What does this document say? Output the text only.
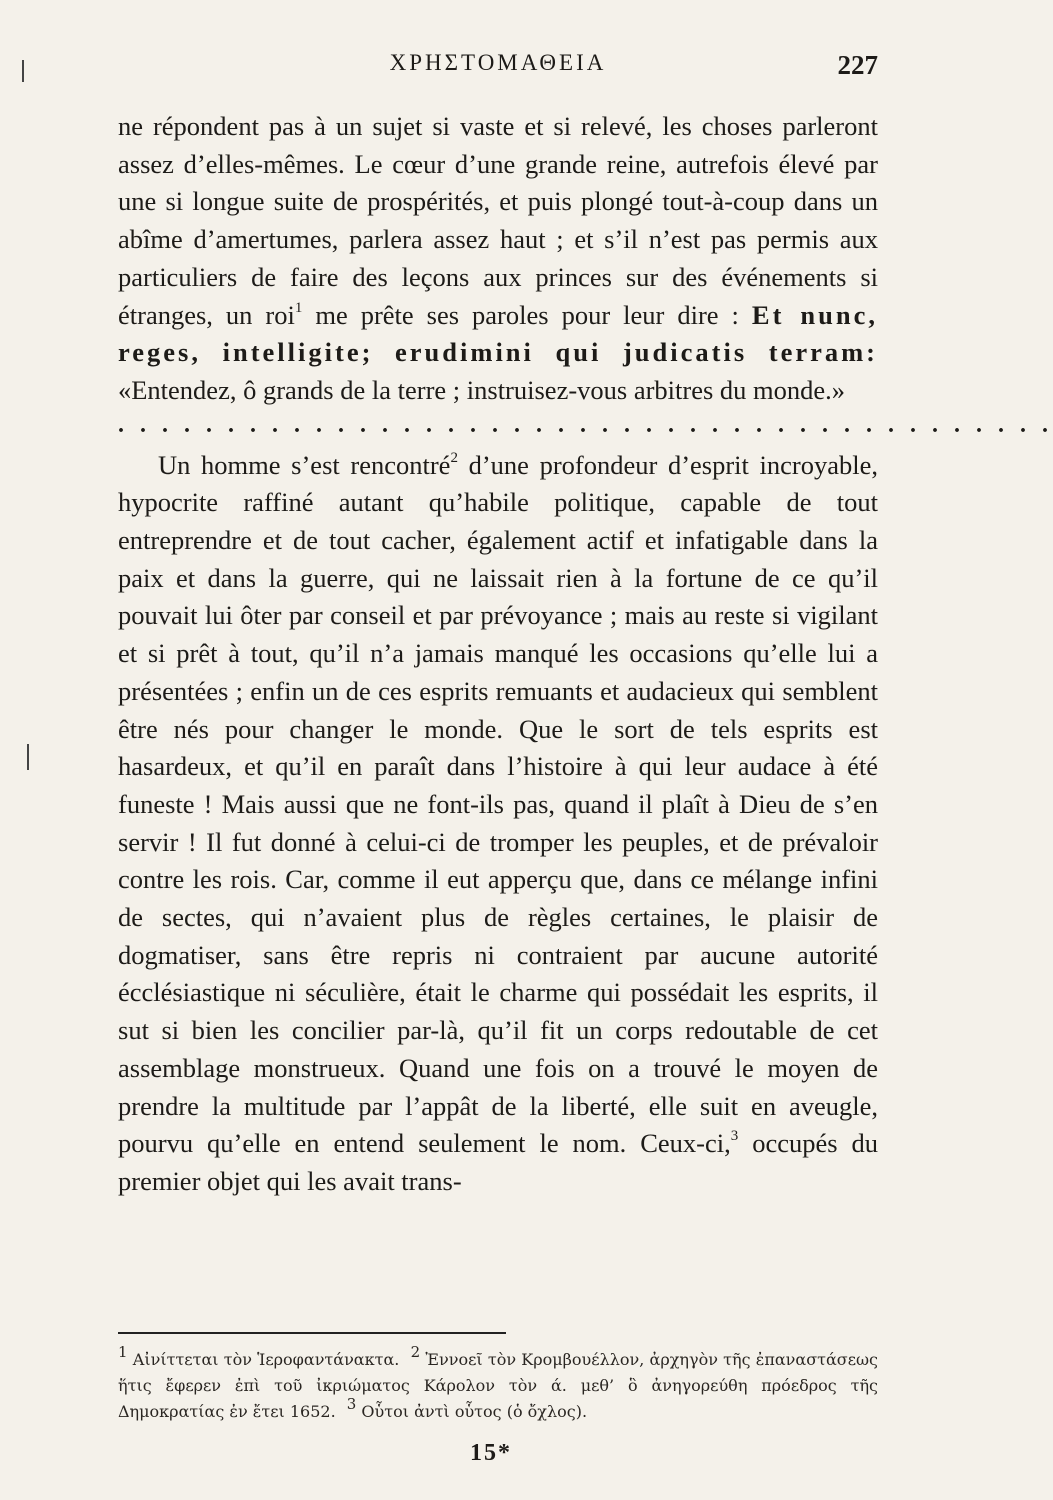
ΧΡΗΣΤΟΜΑΘΕΙΑ	227

ne répondent pas à un sujet si vaste et si relevé, les choses parleront assez d’elles-mêmes. Le cœur d’une grande reine, autrefois élevé par une si longue suite de prospérités, et puis plongé tout-à-coup dans un abîme d’amertumes, parlera assez haut ; et s’il n’est pas permis aux particuliers de faire des leçons aux princes sur des événements si étranges, un roi$^1$ me prête ses paroles pour leur dire : Et nunc, reges, intelligite; erudimini qui judicatis terram: «Entendez, ô grands de la terre ; instruisez-vous arbitres du monde.»

. . . . . . . . . . . . . . . . . . . . . . . . . . . . . . . . . . . . . . . . . . .

Un homme s’est rencontré$^2$ d’une profondeur d’esprit incroyable, hypocrite raffiné autant qu’habile politique, capable de tout entreprendre et de tout cacher, également actif et infatigable dans la paix et dans la guerre, qui ne laissait rien à la fortune de ce qu’il pouvait lui ôter par conseil et par prévoyance ; mais au reste si vigilant et si prêt à tout, qu’il n’a jamais manqué les occasions qu’elle lui a présentées ; enfin un de ces esprits remuants et audacieux qui semblent être nés pour changer le monde. Que le sort de tels esprits est hasardeux, et qu’il en paraît dans l’histoire à qui leur audace à été funeste ! Mais aussi que ne font-ils pas, quand il plaît à Dieu de s’en servir ! Il fut donné à celui-ci de tromper les peuples, et de prévaloir contre les rois. Car, comme il eut apperçu que, dans ce mélange infini de sectes, qui n’avaient plus de règles certaines, le plaisir de dogmatiser, sans être repris ni contraient par aucune autorité écclésiastique ni séculière, était le charme qui possédait les esprits, il sut si bien les concilier par-là, qu’il fit un corps redoutable de cet assemblage monstrueux. Quand une fois on a trouvé le moyen de prendre la multitude par l’appât de la liberté, elle suit en aveugle, pourvu qu’elle en entend seulement le nom. Ceux-ci,$^3$ occupés du premier objet qui les avait trans-

$^1$ Αἰνίττεται τὸν Ἱεροφαντάνακτα. $^2$ Ἐννοεῖ τὸν Κρομβουέλλον, ἀρχηγὸν τῆς ἐπαναστάσεως ἥτις ἔφερεν ἐπὶ τοῦ ἰκριώματος Κάρολον τὸν ά. μεθ’ ὃ ἀνηγορεύθη πρόεδρος τῆς Δημοκρατίας ἐν ἔτει 1652. $^3$ Οὗτοι ἀντὶ οὗτος (ὁ ὄχλος).
15*
